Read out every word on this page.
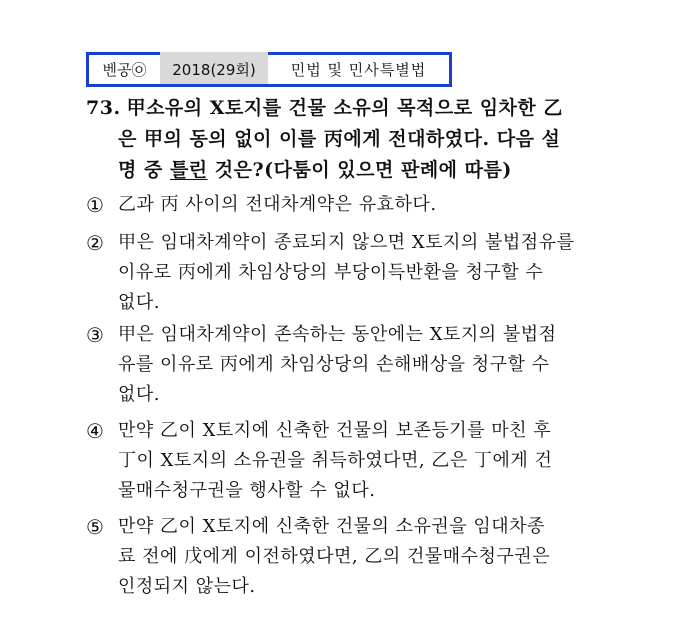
벤공㉧	2018(29회)	민법 및 민사특별법
73. 甲소유의 X토지를 건물 소유의 목적으로 임차한 乙
은 甲의 동의 없이 이를 丙에게 전대하였다. 다음 설
명 중 틀린 것은?(다툼이 있으면 판례에 따름)
① 乙과 丙 사이의 전대차계약은 유효하다.
② 甲은 임대차계약이 종료되지 않으면 X토지의 불법점유를
이유로 丙에게 차임상당의 부당이득반환을 청구할 수
없다.
③ 甲은 임대차계약이 존속하는 동안에는 X토지의 불법점
유를 이유로 丙에게 차임상당의 손해배상을 청구할 수
없다.
④ 만약 乙이 X토지에 신축한 건물의 보존등기를 마친 후
丁이 X토지의 소유권을 취득하였다면, 乙은 丁에게 건
물매수청구권을 행사할 수 없다.
⑤ 만약 乙이 X토지에 신축한 건물의 소유권을 임대차종
료 전에 戊에게 이전하였다면, 乙의 건물매수청구권은
인정되지 않는다.
